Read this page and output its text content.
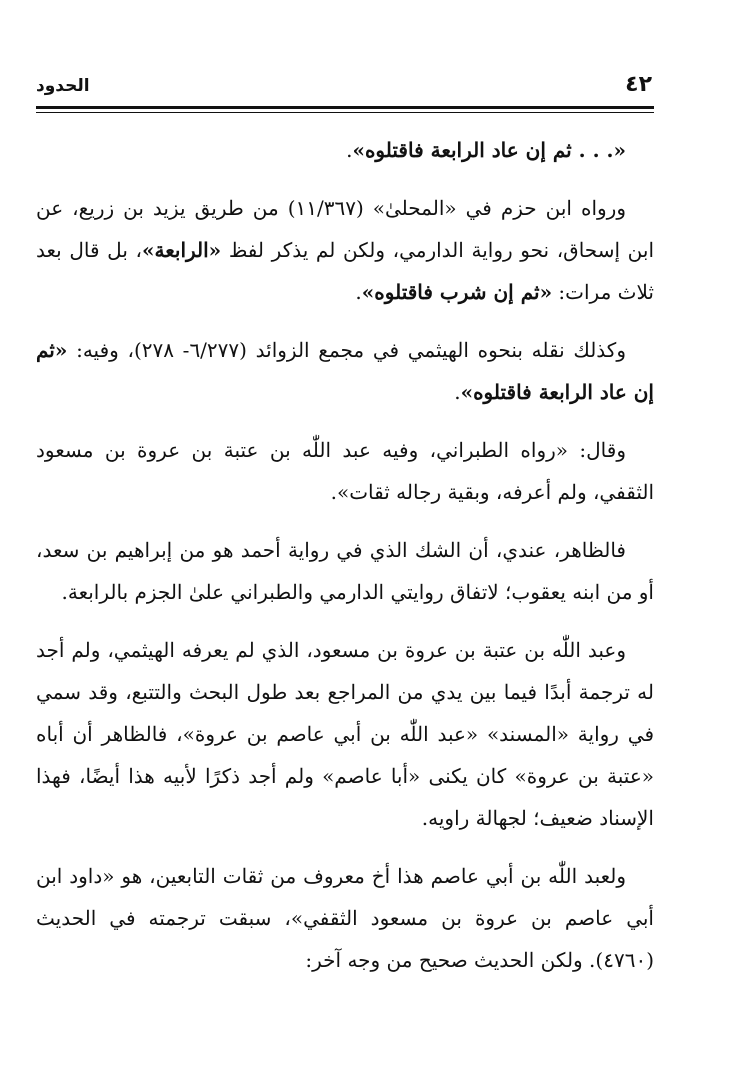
الحدود	٤٢

«. . . ثم إن عاد الرابعة فاقتلوه».

ورواه ابن حزم في «المحلىٰ» (١١/٣٦٧) من طريق يزيد بن زريع، عن ابن إسحاق، نحو رواية الدارمي، ولكن لم يذكر لفظ «الرابعة»، بل قال بعد ثلاث مرات: «ثم إن شرب فاقتلوه».

وكذلك نقله بنحوه الهيثمي في مجمع الزوائد (٦/٢٧٧- ٢٧٨)، وفيه: «ثم إن عاد الرابعة فاقتلوه».

وقال: «رواه الطبراني، وفيه عبد اللّٰه بن عتبة بن عروة بن مسعود الثقفي، ولم أعرفه، وبقية رجاله ثقات».

فالظاهر، عندي، أن الشك الذي في رواية أحمد هو من إبراهيم بن سعد، أو من ابنه يعقوب؛ لاتفاق روايتي الدارمي والطبراني علىٰ الجزم بالرابعة.

وعبد اللّٰه بن عتبة بن عروة بن مسعود، الذي لم يعرفه الهيثمي، ولم أجد له ترجمة أبدًا فيما بين يدي من المراجع بعد طول البحث والتتبع، وقد سمي في رواية «المسند» «عبد اللّٰه بن أبي عاصم بن عروة»، فالظاهر أن أباه «عتبة بن عروة» كان يكنى «أبا عاصم» ولم أجد ذكرًا لأبيه هذا أيضًا، فهذا الإسناد ضعيف؛ لجهالة راويه.

ولعبد اللّٰه بن أبي عاصم هذا أخ معروف من ثقات التابعين، هو «داود ابن أبي عاصم بن عروة بن مسعود الثقفي»، سبقت ترجمته في الحديث (٤٧٦٠). ولكن الحديث صحيح من وجه آخر:
